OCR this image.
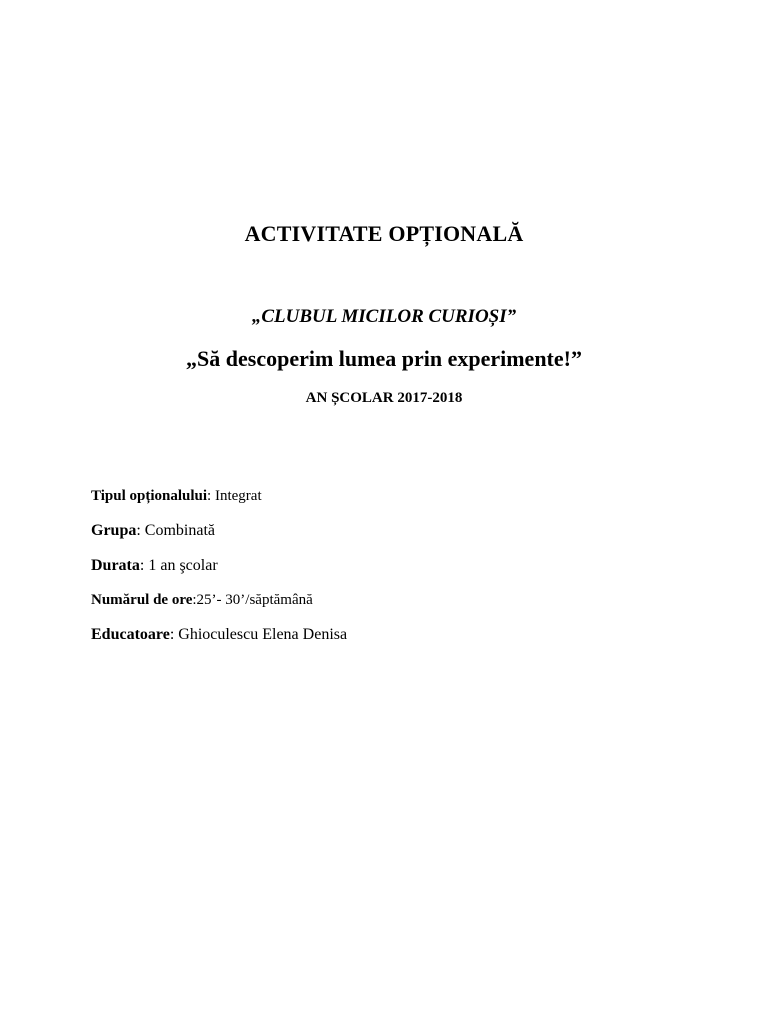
ACTIVITATE OPȚIONALĂ
„CLUBUL MICILOR CURIOȘI”
„Să descoperim lumea prin experimente!”
AN ȘCOLAR 2017-2018
Tipul opționalului: Integrat
Grupa: Combinată
Durata: 1 an şcolar
Numărul de ore:25’- 30’/săptămână
Educatoare: Ghioculescu Elena Denisa
